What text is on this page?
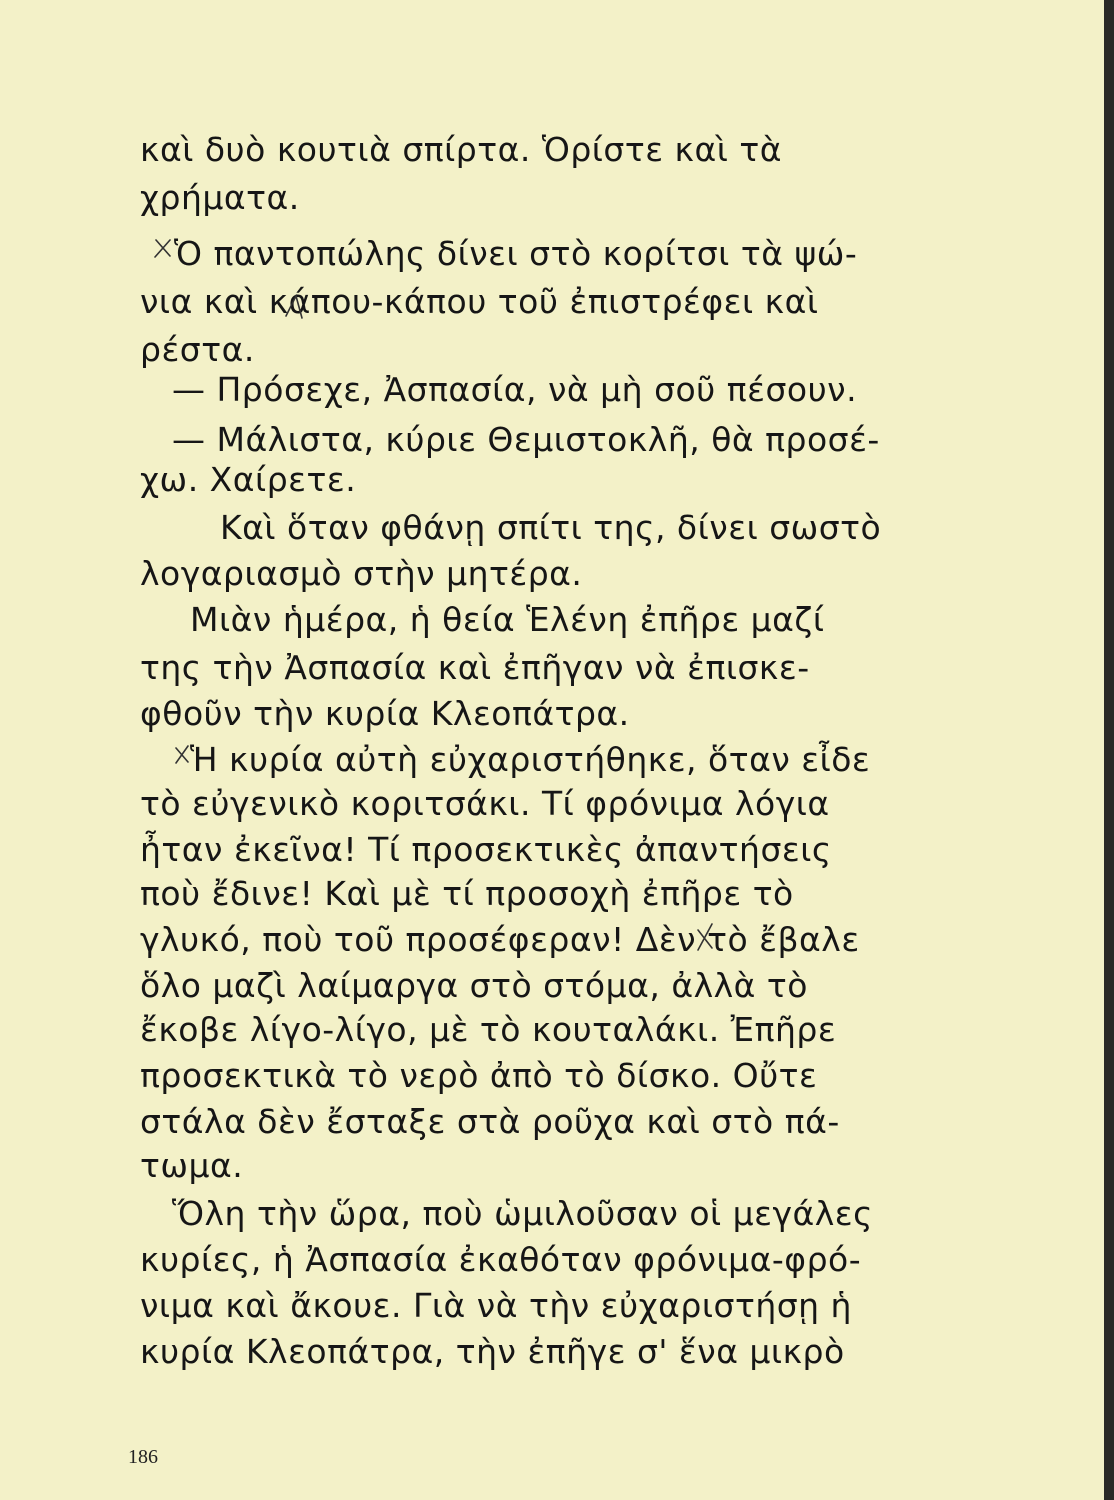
καὶ δυὸ κουτιὰ σπίρτα. Ὁρίστε καὶ τὰ
χρήματα.
Ὁ παντοπώλης δίνει στὸ κορίτσι τὰ ψώ-
νια καὶ κάπου-κάπου τοῦ ἐπιστρέφει καὶ
ρέστα.
— Πρόσεχε, Ἀσπασία, νὰ μὴ σοῦ πέσουν.
— Μάλιστα, κύριε Θεμιστοκλῆ, θὰ προσέ-
χω. Χαίρετε.
Καὶ ὅταν φθάνῃ σπίτι της, δίνει σωστὸ
λογαριασμὸ στὴν μητέρα.
Μιὰν ἡμέρα, ἡ θεία Ἑλένη ἐπῆρε μαζί
της τὴν Ἀσπασία καὶ ἐπῆγαν νὰ ἐπισκε-
φθοῦν τὴν κυρία Κλεοπάτρα.
Ἡ κυρία αὐτὴ εὐχαριστήθηκε, ὅταν εἶδε
τὸ εὐγενικὸ κοριτσάκι. Τί φρόνιμα λόγια
ἦταν ἐκεῖνα! Τί προσεκτικὲς ἀπαντήσεις
ποὺ ἔδινε! Καὶ μὲ τί προσοχὴ ἐπῆρε τὸ
γλυκό, ποὺ τοῦ προσέφεραν! Δὲν τὸ ἔβαλε
ὅλο μαζὶ λαίμαργα στὸ στόμα, ἀλλὰ τὸ
ἔκοβε λίγο-λίγο, μὲ τὸ κουταλάκι. Ἐπῆρε
προσεκτικὰ τὸ νερὸ ἀπὸ τὸ δίσκο. Οὔτε
στάλα δὲν ἔσταξε στὰ ροῦχα καὶ στὸ πά-
τωμα.
Ὅλη τὴν ὥρα, ποὺ ὡμιλοῦσαν οἱ μεγάλες
κυρίες, ἡ Ἀσπασία ἐκαθόταν φρόνιμα-φρό-
νιμα καὶ ἄκουε. Γιὰ νὰ τὴν εὐχαριστήσῃ ἡ
κυρία Κλεοπάτρα, τὴν ἐπῆγε σ' ἕνα μικρὸ
186
